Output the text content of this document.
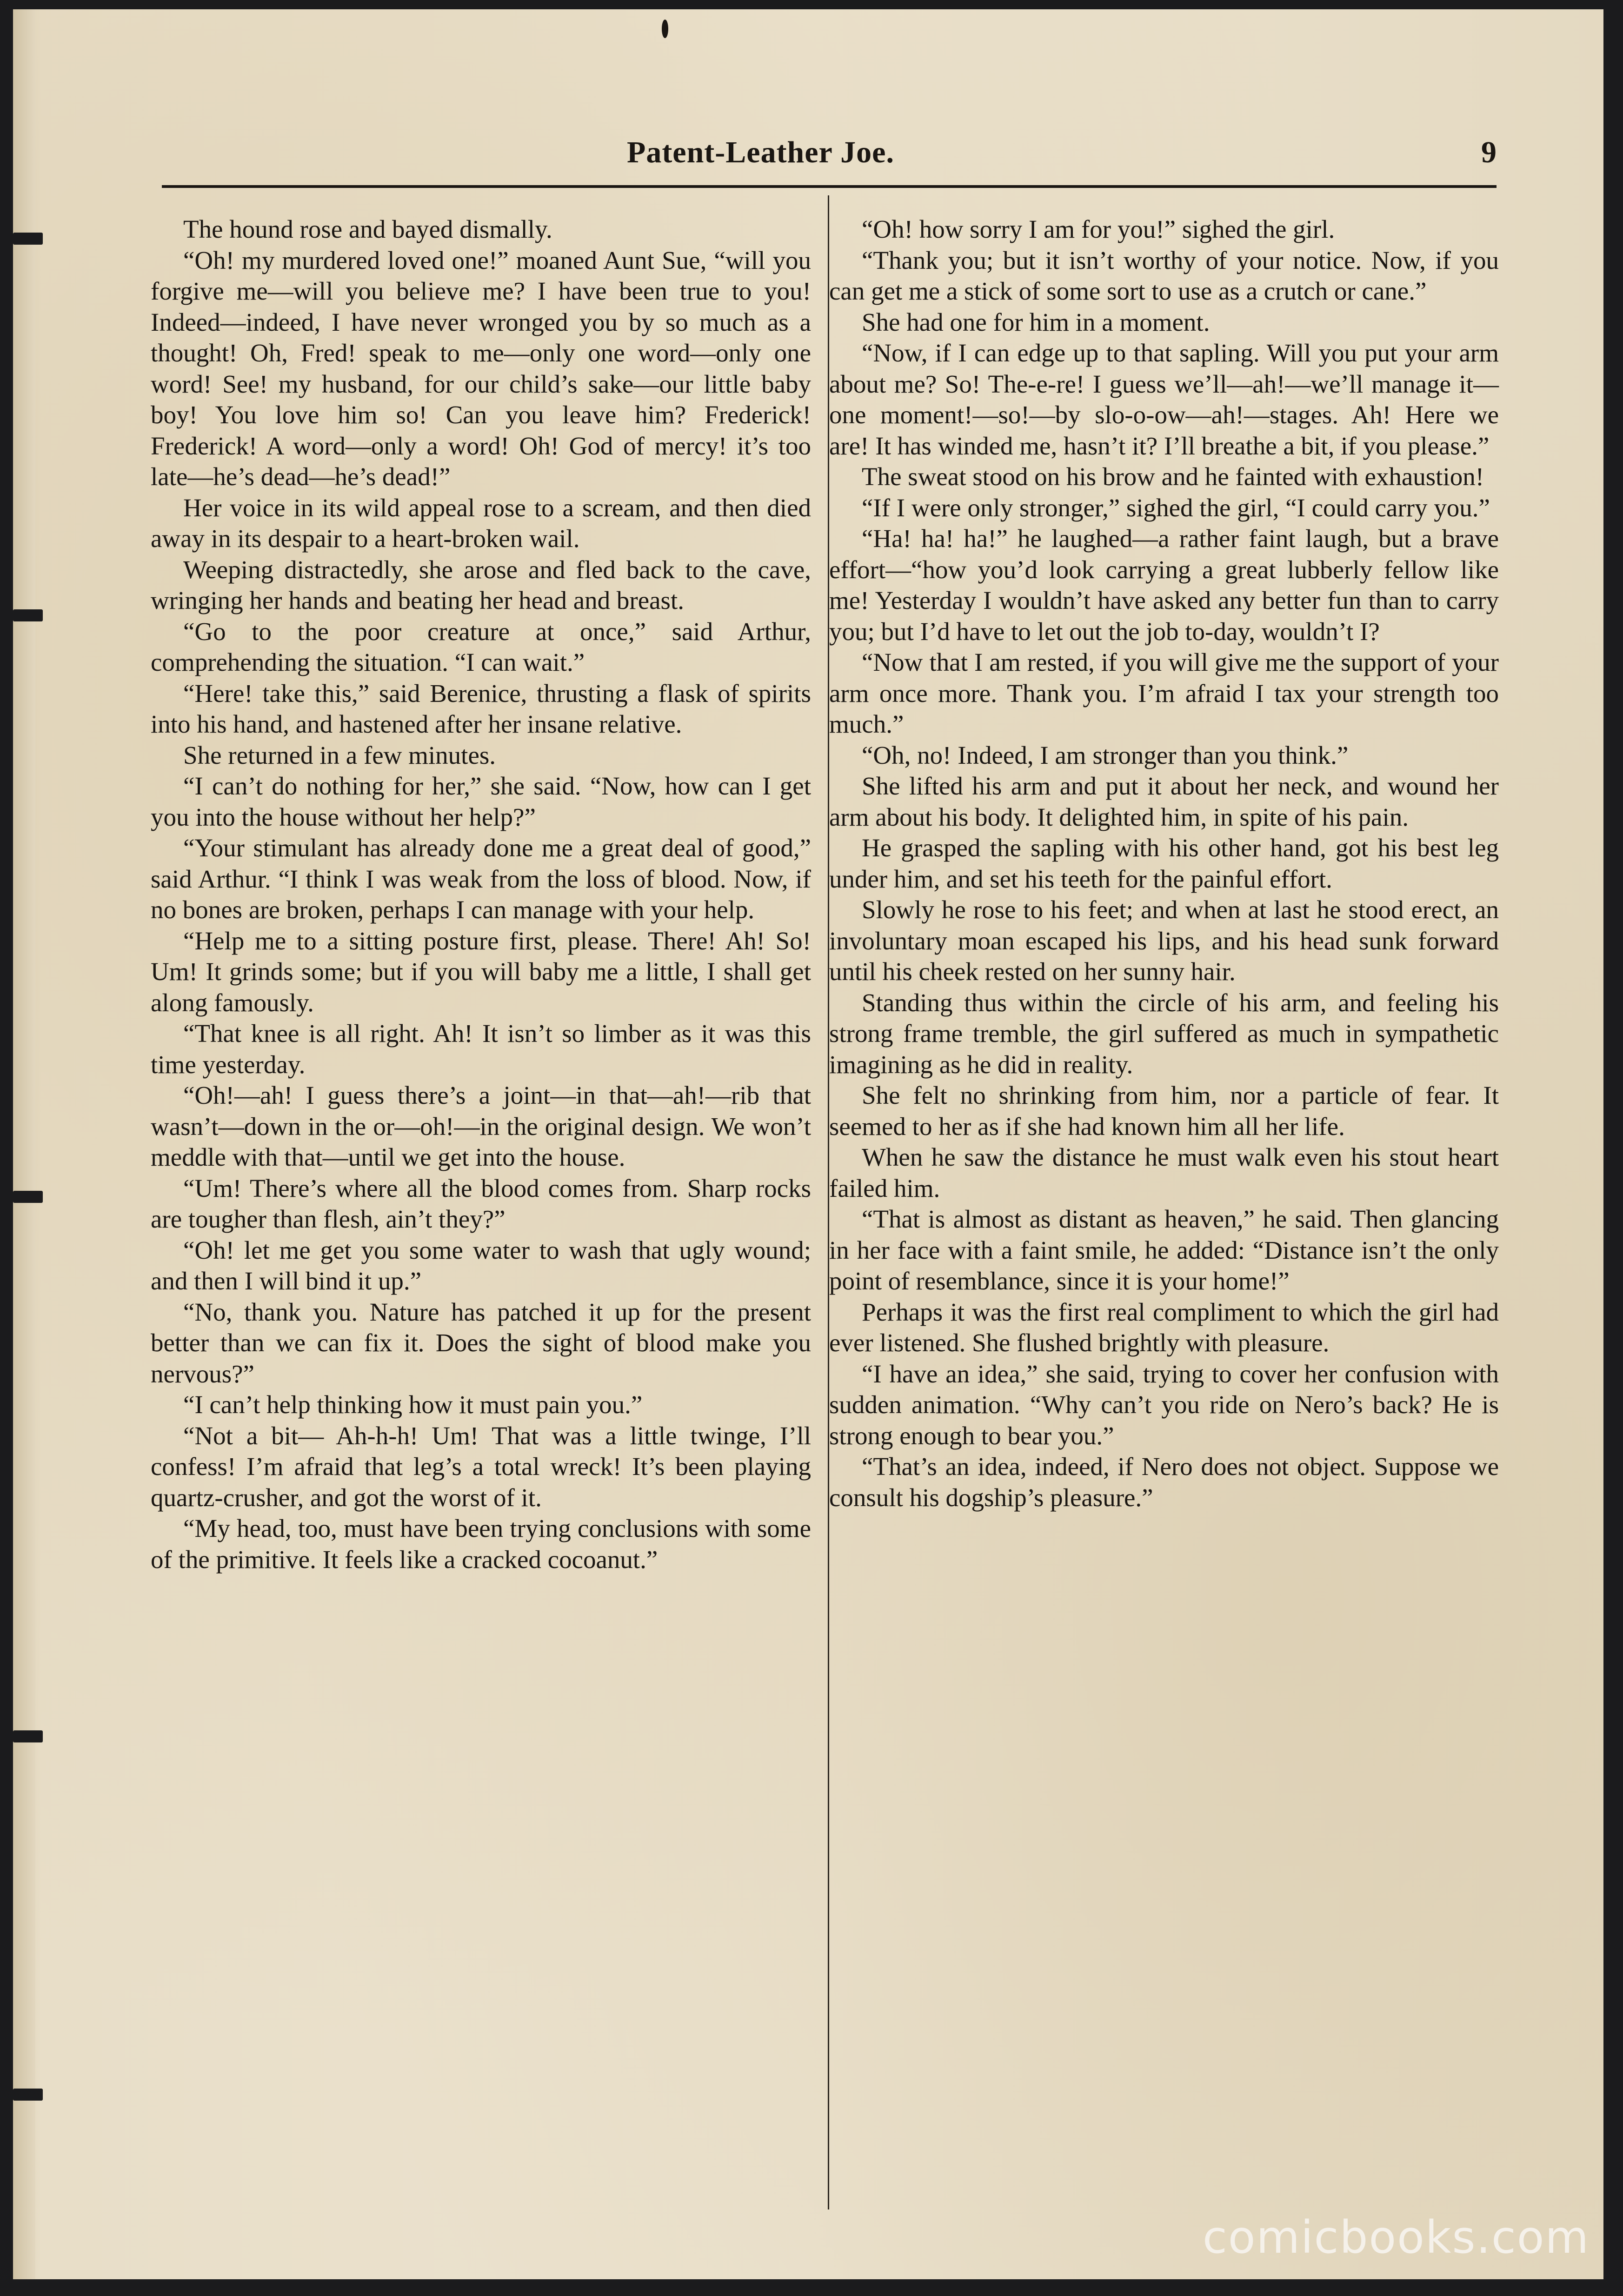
Patent-Leather Joe.	9

The hound rose and bayed dismally.

“Oh! my murdered loved one!” moaned Aunt Sue, “will you forgive me—will you believe me? I have been true to you! Indeed—indeed, I have never wronged you by so much as a thought! Oh, Fred! speak to me—only one word—only one word! See! my husband, for our child’s sake—our little baby boy! You love him so! Can you leave him? Frederick! Frederick! A word—only a word! Oh! God of mercy! it’s too late—he’s dead—he’s dead!”

Her voice in its wild appeal rose to a scream, and then died away in its despair to a heart-broken wail.

Weeping distractedly, she arose and fled back to the cave, wringing her hands and beating her head and breast.

“Go to the poor creature at once,” said Arthur, comprehending the situation. “I can wait.”

“Here! take this,” said Berenice, thrusting a flask of spirits into his hand, and hastened after her insane relative.

She returned in a few minutes.

“I can’t do nothing for her,” she said. “Now, how can I get you into the house without her help?”

“Your stimulant has already done me a great deal of good,” said Arthur. “I think I was weak from the loss of blood. Now, if no bones are broken, perhaps I can manage with your help.

“Help me to a sitting posture first, please. There! Ah! So! Um! It grinds some; but if you will baby me a little, I shall get along famously.

“That knee is all right. Ah! It isn’t so limber as it was this time yesterday.

“Oh!—ah! I guess there’s a joint—in that—ah!—rib that wasn’t—down in the or—oh!—in the original design. We won’t meddle with that—until we get into the house.

“Um! There’s where all the blood comes from. Sharp rocks are tougher than flesh, ain’t they?”

“Oh! let me get you some water to wash that ugly wound; and then I will bind it up.”

“No, thank you. Nature has patched it up for the present better than we can fix it. Does the sight of blood make you nervous?”

“I can’t help thinking how it must pain you.”

“Not a bit— Ah-h-h! Um! That was a little twinge, I’ll confess! I’m afraid that leg’s a total wreck! It’s been playing quartz-crusher, and got the worst of it.

“My head, too, must have been trying conclusions with some of the primitive. It feels like a cracked cocoanut.”

“Oh! how sorry I am for you!” sighed the girl.

“Thank you; but it isn’t worthy of your notice. Now, if you can get me a stick of some sort to use as a crutch or cane.”

She had one for him in a moment.

“Now, if I can edge up to that sapling. Will you put your arm about me? So! The-e-re! I guess we’ll—ah!—we’ll manage it—one moment!—so!—by slo-o-ow—ah!—stages. Ah! Here we are! It has winded me, hasn’t it? I’ll breathe a bit, if you please.”

The sweat stood on his brow and he fainted with exhaustion!

“If I were only stronger,” sighed the girl, “I could carry you.”

“Ha! ha! ha!” he laughed—a rather faint laugh, but a brave effort—“how you’d look carrying a great lubberly fellow like me! Yesterday I wouldn’t have asked any better fun than to carry you; but I’d have to let out the job to-day, wouldn’t I?

“Now that I am rested, if you will give me the support of your arm once more. Thank you. I’m afraid I tax your strength too much.”

“Oh, no! Indeed, I am stronger than you think.”

She lifted his arm and put it about her neck, and wound her arm about his body. It delighted him, in spite of his pain.

He grasped the sapling with his other hand, got his best leg under him, and set his teeth for the painful effort.

Slowly he rose to his feet; and when at last he stood erect, an involuntary moan escaped his lips, and his head sunk forward until his cheek rested on her sunny hair.

Standing thus within the circle of his arm, and feeling his strong frame tremble, the girl suffered as much in sympathetic imagining as he did in reality.

She felt no shrinking from him, nor a particle of fear. It seemed to her as if she had known him all her life.

When he saw the distance he must walk even his stout heart failed him.

“That is almost as distant as heaven,” he said. Then glancing in her face with a faint smile, he added: “Distance isn’t the only point of resemblance, since it is your home!”

Perhaps it was the first real compliment to which the girl had ever listened. She flushed brightly with pleasure.

“I have an idea,” she said, trying to cover her confusion with sudden animation. “Why can’t you ride on Nero’s back? He is strong enough to bear you.”

“That’s an idea, indeed, if Nero does not object. Suppose we consult his dogship’s pleasure.”

comicbooks.com
